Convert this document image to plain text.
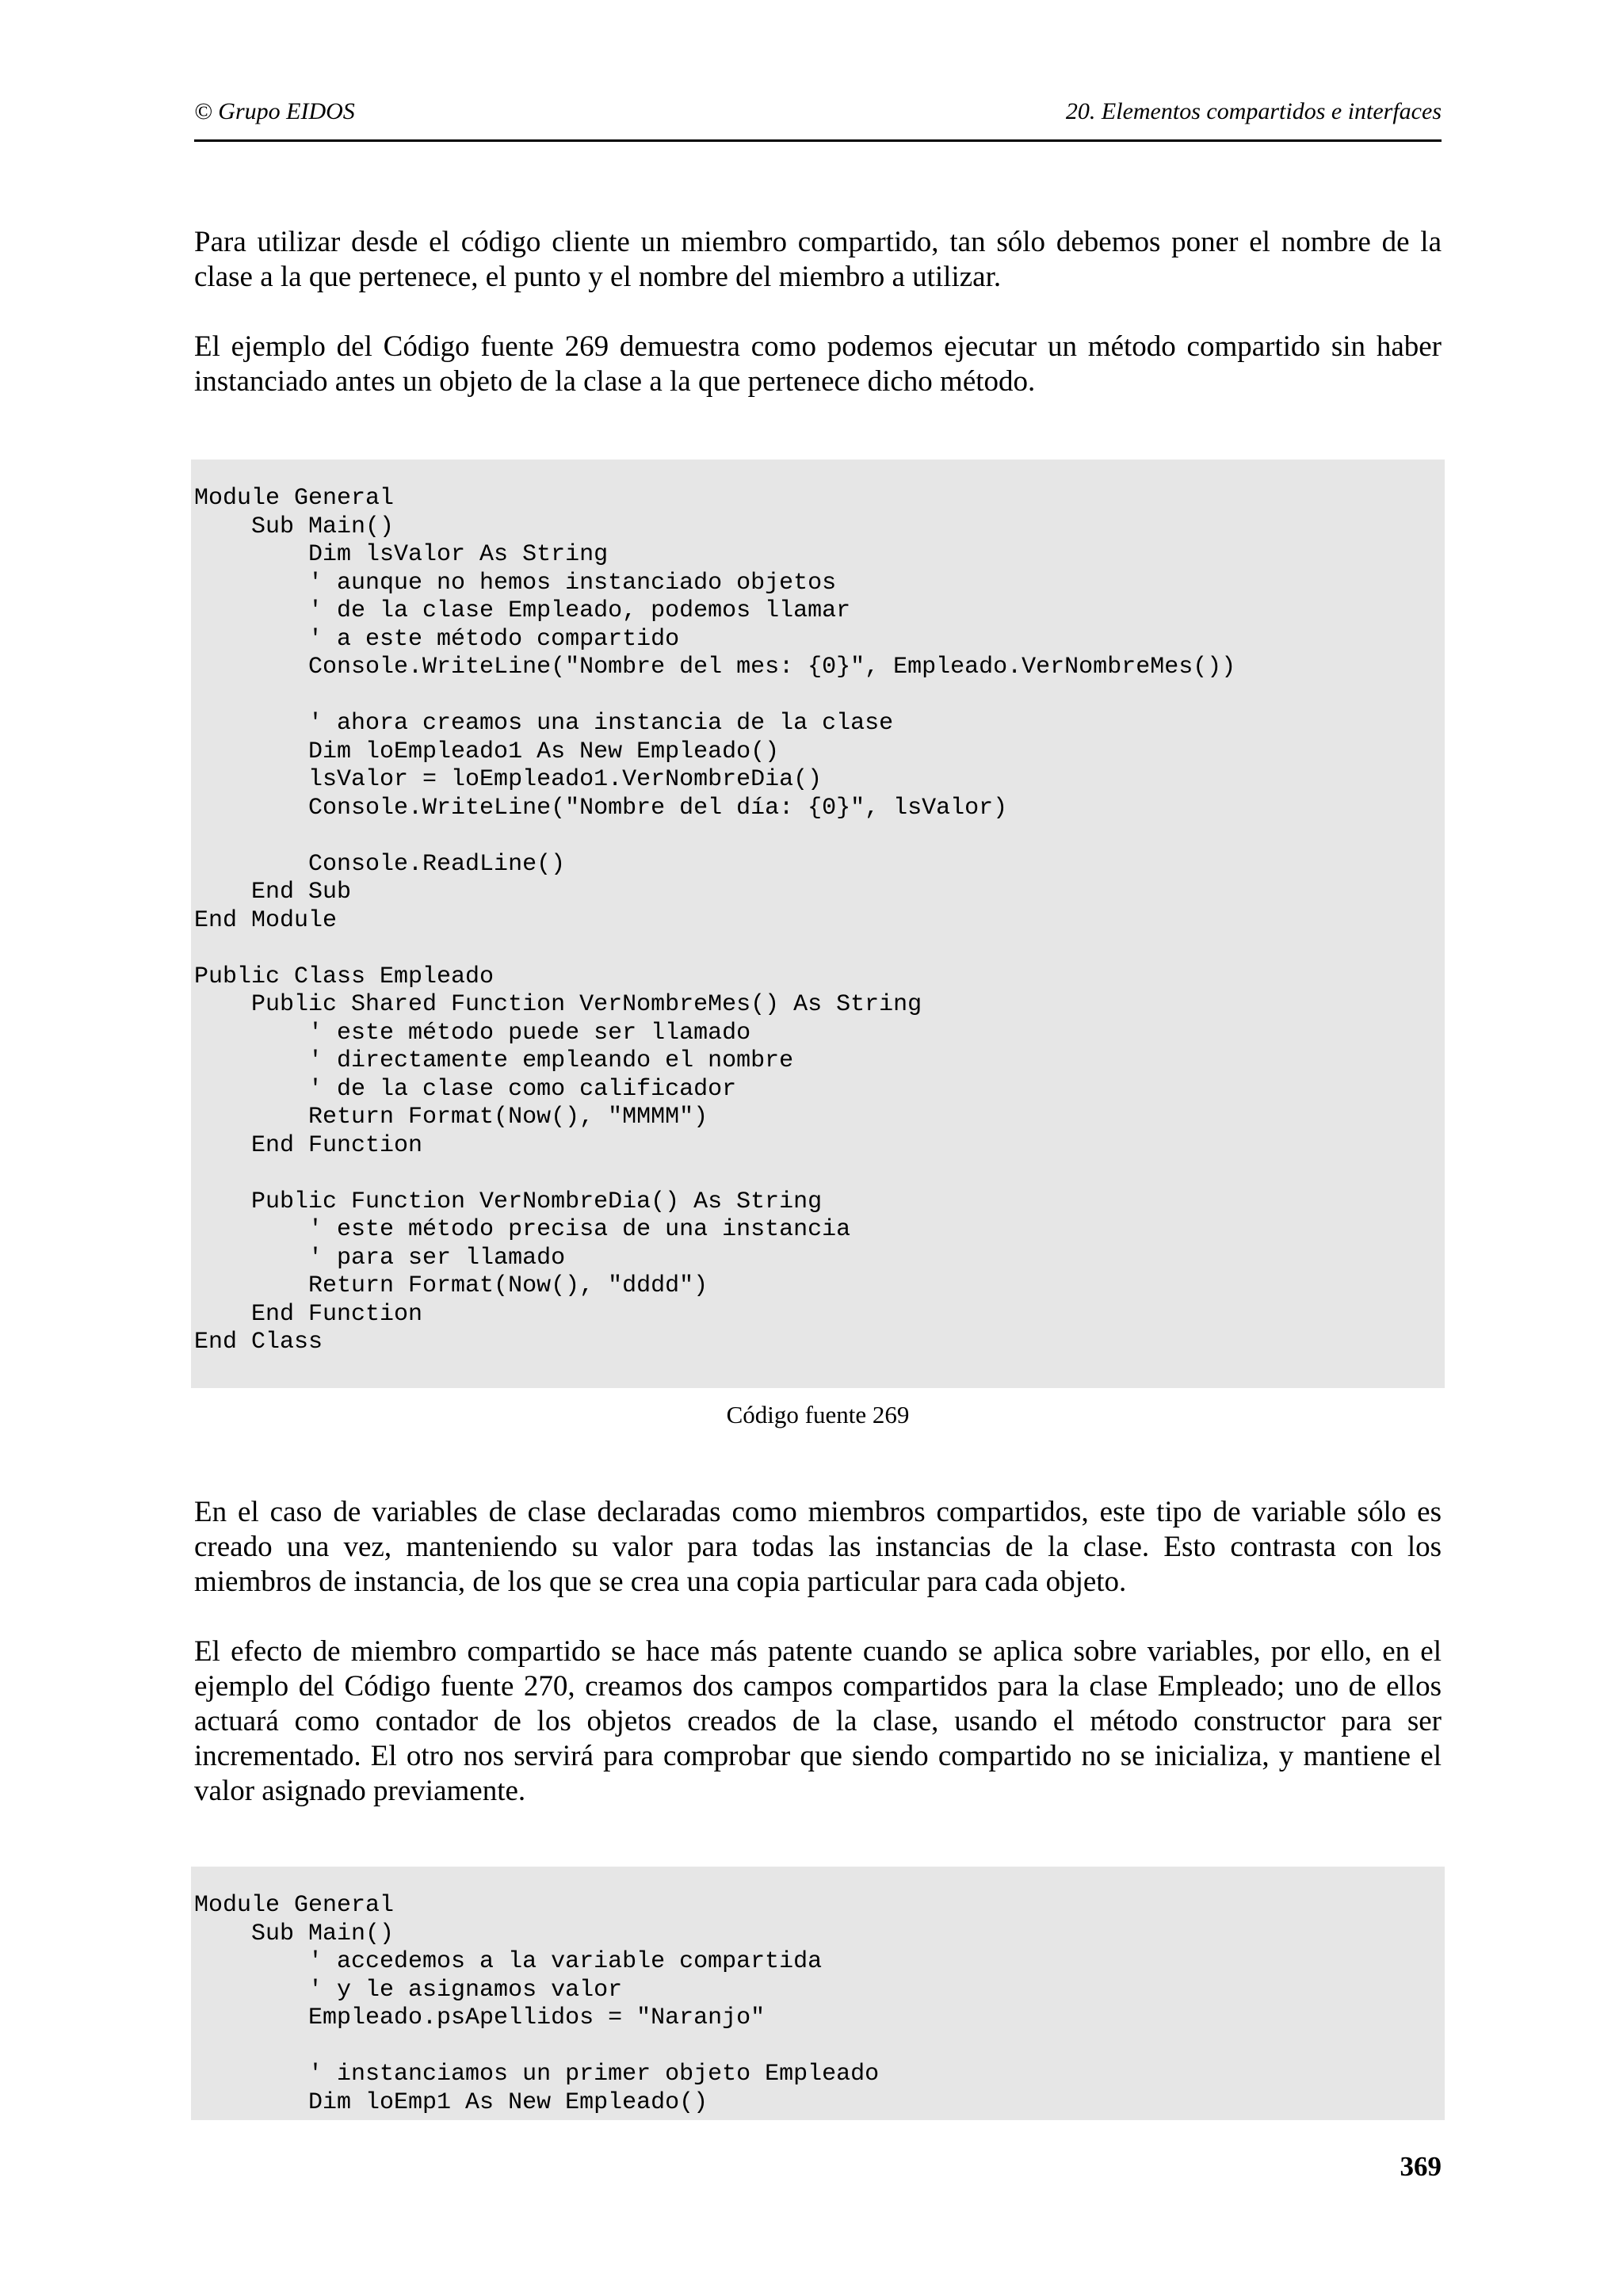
© Grupo EIDOS	20. Elementos compartidos e interfaces

Para utilizar desde el código cliente un miembro compartido, tan sólo debemos poner el nombre de la clase a la que pertenece, el punto y el nombre del miembro a utilizar.

El ejemplo del Código fuente 269 demuestra como podemos ejecutar un método compartido sin haber instanciado antes un objeto de la clase a la que pertenece dicho método.

Module General
Sub Main()
Dim lsValor As String
' aunque no hemos instanciado objetos
' de la clase Empleado, podemos llamar
' a este método compartido
Console.WriteLine("Nombre del mes: {0}", Empleado.VerNombreMes())

' ahora creamos una instancia de la clase
Dim loEmpleado1 As New Empleado()
lsValor = loEmpleado1.VerNombreDia()
Console.WriteLine("Nombre del día: {0}", lsValor)

Console.ReadLine()
End Sub
End Module

Public Class Empleado
Public Shared Function VerNombreMes() As String
' este método puede ser llamado
' directamente empleando el nombre
' de la clase como calificador
Return Format(Now(), "MMMM")
End Function

Public Function VerNombreDia() As String
' este método precisa de una instancia
' para ser llamado
Return Format(Now(), "dddd")
End Function
End Class
Código fuente 269

En el caso de variables de clase declaradas como miembros compartidos, este tipo de variable sólo es creado una vez, manteniendo su valor para todas las instancias de la clase. Esto contrasta con los miembros de instancia, de los que se crea una copia particular para cada objeto.

El efecto de miembro compartido se hace más patente cuando se aplica sobre variables, por ello, en el ejemplo del Código fuente 270, creamos dos campos compartidos para la clase Empleado; uno de ellos actuará como contador de los objetos creados de la clase, usando el método constructor para ser incrementado. El otro nos servirá para comprobar que siendo compartido no se inicializa, y mantiene el valor asignado previamente.

Module General
Sub Main()
' accedemos a la variable compartida
' y le asignamos valor
Empleado.psApellidos = "Naranjo"

' instanciamos un primer objeto Empleado
Dim loEmp1 As New Empleado()
369
